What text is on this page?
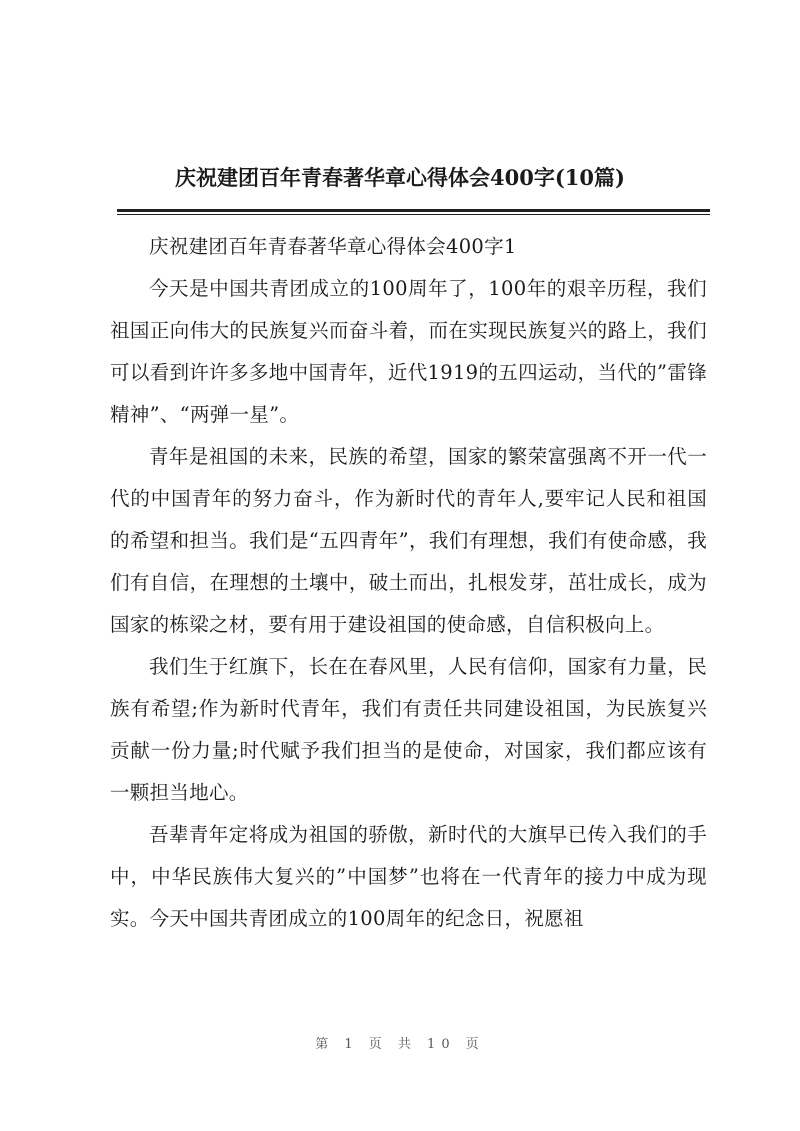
庆祝建团百年青春著华章心得体会400字(10篇)

庆祝建团百年青春著华章心得体会400字1

今天是中国共青团成立的100周年了，100年的艰辛历程，我们祖国正向伟大的民族复兴而奋斗着，而在实现民族复兴的路上，我们可以看到许许多多地中国青年，近代1919的五四运动，当代的”雷锋精神”、“两弹一星”。

青年是祖国的未来，民族的希望，国家的繁荣富强离不开一代一代的中国青年的努力奋斗，作为新时代的青年人,要牢记人民和祖国的希望和担当。我们是“五四青年”，我们有理想，我们有使命感，我们有自信，在理想的土壤中，破土而出，扎根发芽，茁壮成长，成为国家的栋梁之材，要有用于建设祖国的使命感，自信积极向上。

我们生于红旗下，长在在春风里，人民有信仰，国家有力量，民族有希望;作为新时代青年，我们有责任共同建设祖国，为民族复兴贡献一份力量;时代赋予我们担当的是使命，对国家，我们都应该有一颗担当地心。

吾辈青年定将成为祖国的骄傲，新时代的大旗早已传入我们的手中，中华民族伟大复兴的”中国梦”也将在一代青年的接力中成为现实。今天中国共青团成立的100周年的纪念日，祝愿祖

第 1 页 共 10 页
